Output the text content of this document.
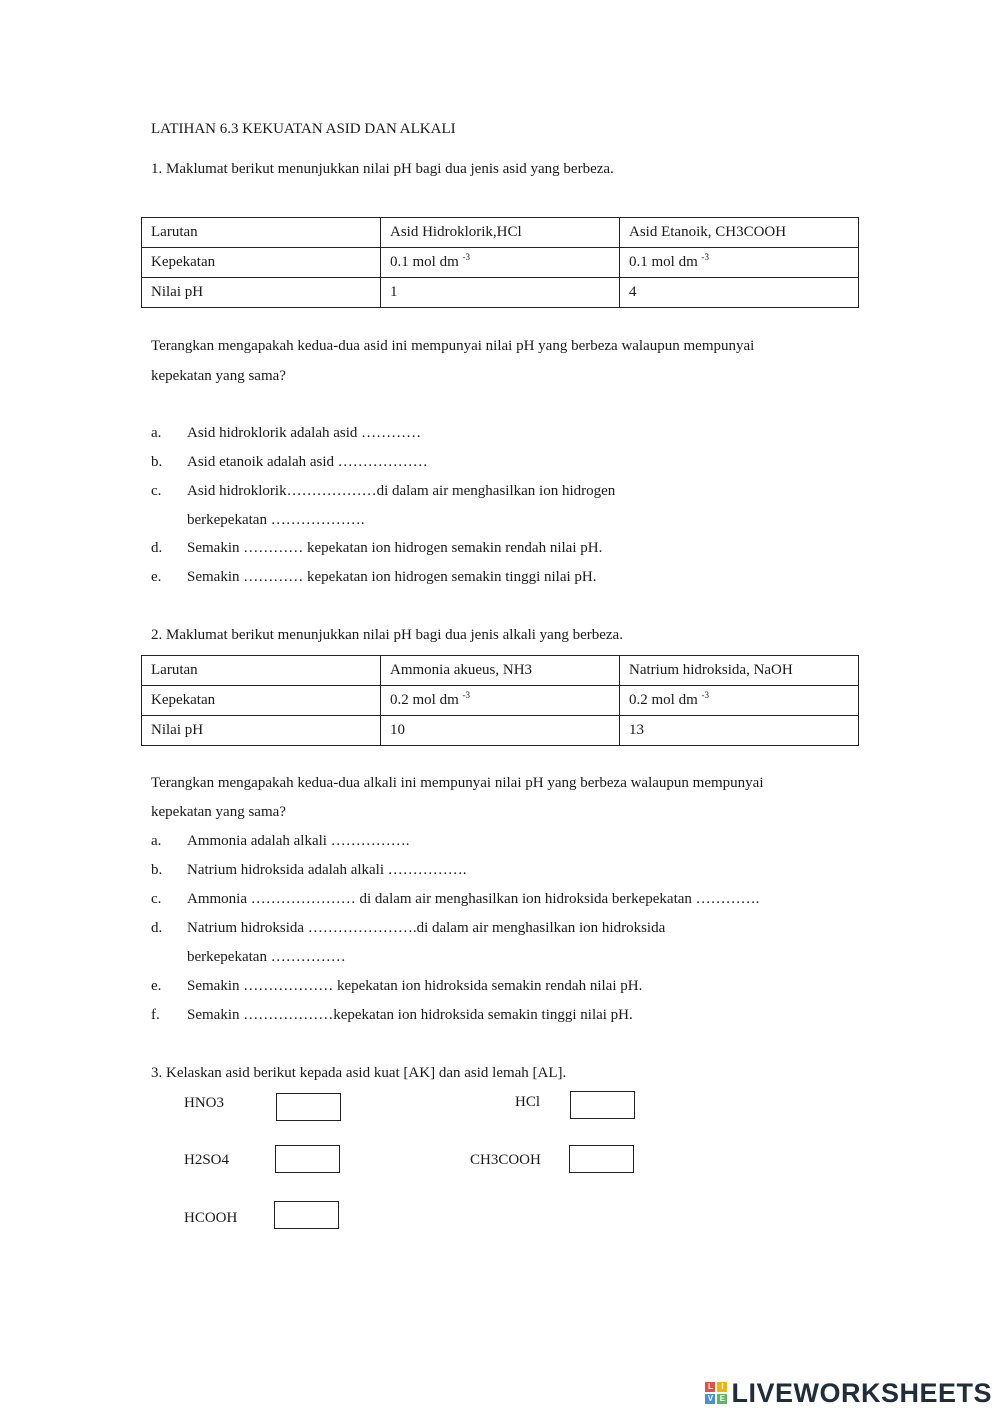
LATIHAN 6.3 KEKUATAN ASID DAN ALKALI
1. Maklumat berikut menunjukkan nilai pH bagi dua jenis asid yang berbeza.
Larutan	Asid Hidroklorik,HCl	Asid Etanoik, CH3COOH
Kepekatan	0.1 mol dm $^{-3}$	0.1 mol dm $^{-3}$
Nilai pH	1	4
Terangkan mengapakah kedua-dua asid ini mempunyai nilai pH yang berbeza walaupun mempunyai
kepekatan yang sama?
a. Asid hidroklorik adalah asid …………
b. Asid etanoik adalah asid ………………
c. Asid hidroklorik………………di dalam air menghasilkan ion hidrogen
berkepekatan ……………….
d. Semakin ………… kepekatan ion hidrogen semakin rendah nilai pH.
e. Semakin ………… kepekatan ion hidrogen semakin tinggi nilai pH.
2. Maklumat berikut menunjukkan nilai pH bagi dua jenis alkali yang berbeza.
Larutan	Ammonia akueus, NH3	Natrium hidroksida, NaOH
Kepekatan	0.2 mol dm $^{-3}$	0.2 mol dm $^{-3}$
Nilai pH	10	13
Terangkan mengapakah kedua-dua alkali ini mempunyai nilai pH yang berbeza walaupun mempunyai
kepekatan yang sama?
a. Ammonia adalah alkali …………….
b. Natrium hidroksida adalah alkali …………….
c. Ammonia ………………… di dalam air menghasilkan ion hidroksida berkepekatan ………….
d. Natrium hidroksida ………………….di dalam air menghasilkan ion hidroksida
berkepekatan ……………
e. Semakin ……………… kepekatan ion hidroksida semakin rendah nilai pH.
f. Semakin ………………kepekatan ion hidroksida semakin tinggi nilai pH.
3. Kelaskan asid berikut kepada asid kuat [AK] dan asid lemah [AL].
HNO3	HCl
H2SO4	CH3COOH
HCOOH
L	I
V E LIVEWORKSHEETS
